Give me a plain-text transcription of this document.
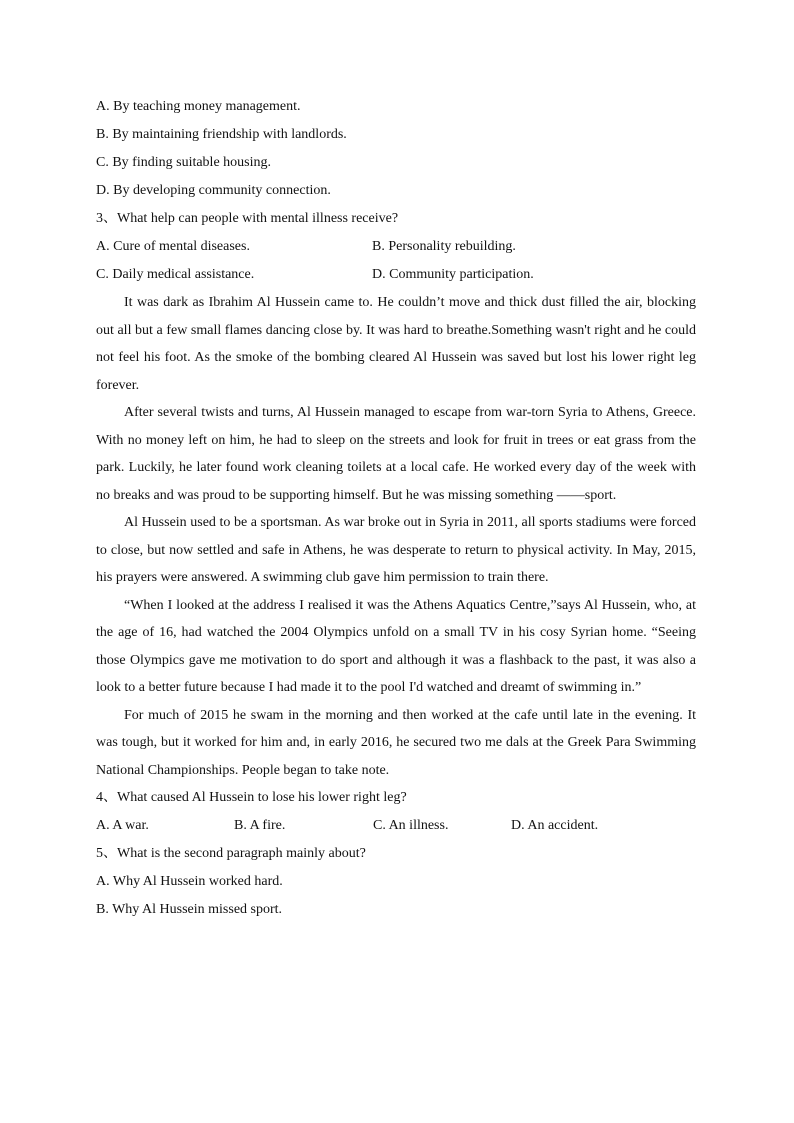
A. By teaching money management.
B. By maintaining friendship with landlords.
C. By finding suitable housing.
D. By developing community connection.
3、What help can people with mental illness receive?
A. Cure of mental diseases.	B. Personality rebuilding.
C. Daily medical assistance.	D. Community participation.

It was dark as Ibrahim Al Hussein came to. He couldn’t move and thick dust filled the air, blocking out all but a few small flames dancing close by. It was hard to breathe.Something wasn't right and he could not feel his foot. As the smoke of the bombing cleared Al Hussein was saved but lost his lower right leg forever.

After several twists and turns, Al Hussein managed to escape from war-torn Syria to Athens, Greece. With no money left on him, he had to sleep on the streets and look for fruit in trees or eat grass from the park. Luckily, he later found work cleaning toilets at a local cafe. He worked every day of the week with no breaks and was proud to be supporting himself. But he was missing something ——sport.

Al Hussein used to be a sportsman. As war broke out in Syria in 2011, all sports stadiums were forced to close, but now settled and safe in Athens, he was desperate to return to physical activity. In May, 2015, his prayers were answered. A swimming club gave him permission to train there.

“When I looked at the address I realised it was the Athens Aquatics Centre,”says Al Hussein, who, at the age of 16, had watched the 2004 Olympics unfold on a small TV in his cosy Syrian home. “Seeing those Olympics gave me motivation to do sport and although it was a flashback to the past, it was also a look to a better future because I had made it to the pool I'd watched and dreamt of swimming in.”

For much of 2015 he swam in the morning and then worked at the cafe until late in the evening. It was tough, but it worked for him and, in early 2016, he secured two me dals at the Greek Para Swimming National Championships. People began to take note.

4、What caused Al Hussein to lose his lower right leg?
A. A war.	B. A fire.	C. An illness.	D. An accident.
5、What is the second paragraph mainly about?
A. Why Al Hussein worked hard.
B. Why Al Hussein missed sport.
